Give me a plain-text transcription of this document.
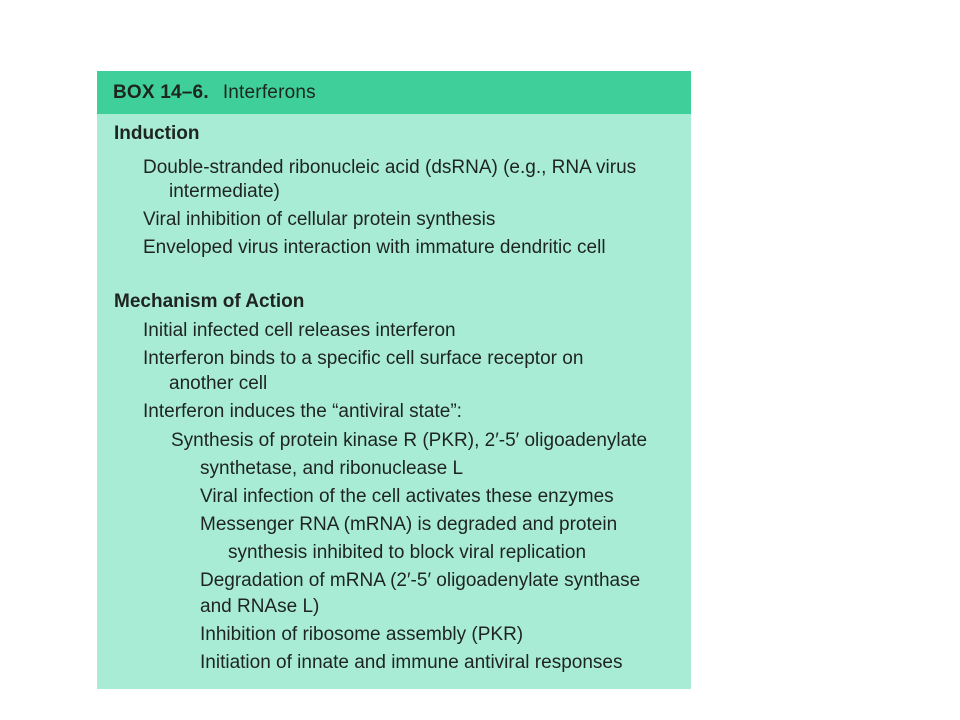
BOX 14–6. Interferons
Induction
Double-stranded ribonucleic acid (dsRNA) (e.g., RNA virus
intermediate)
Viral inhibition of cellular protein synthesis
Enveloped virus interaction with immature dendritic cell
Mechanism of Action
Initial infected cell releases interferon
Interferon binds to a specific cell surface receptor on
another cell
Interferon induces the “antiviral state”:
Synthesis of protein kinase R (PKR), 2′-5′ oligoadenylate
synthetase, and ribonuclease L
Viral infection of the cell activates these enzymes
Messenger RNA (mRNA) is degraded and protein
synthesis inhibited to block viral replication
Degradation of mRNA (2′-5′ oligoadenylate synthase
and RNAse L)
Inhibition of ribosome assembly (PKR)
Initiation of innate and immune antiviral responses
